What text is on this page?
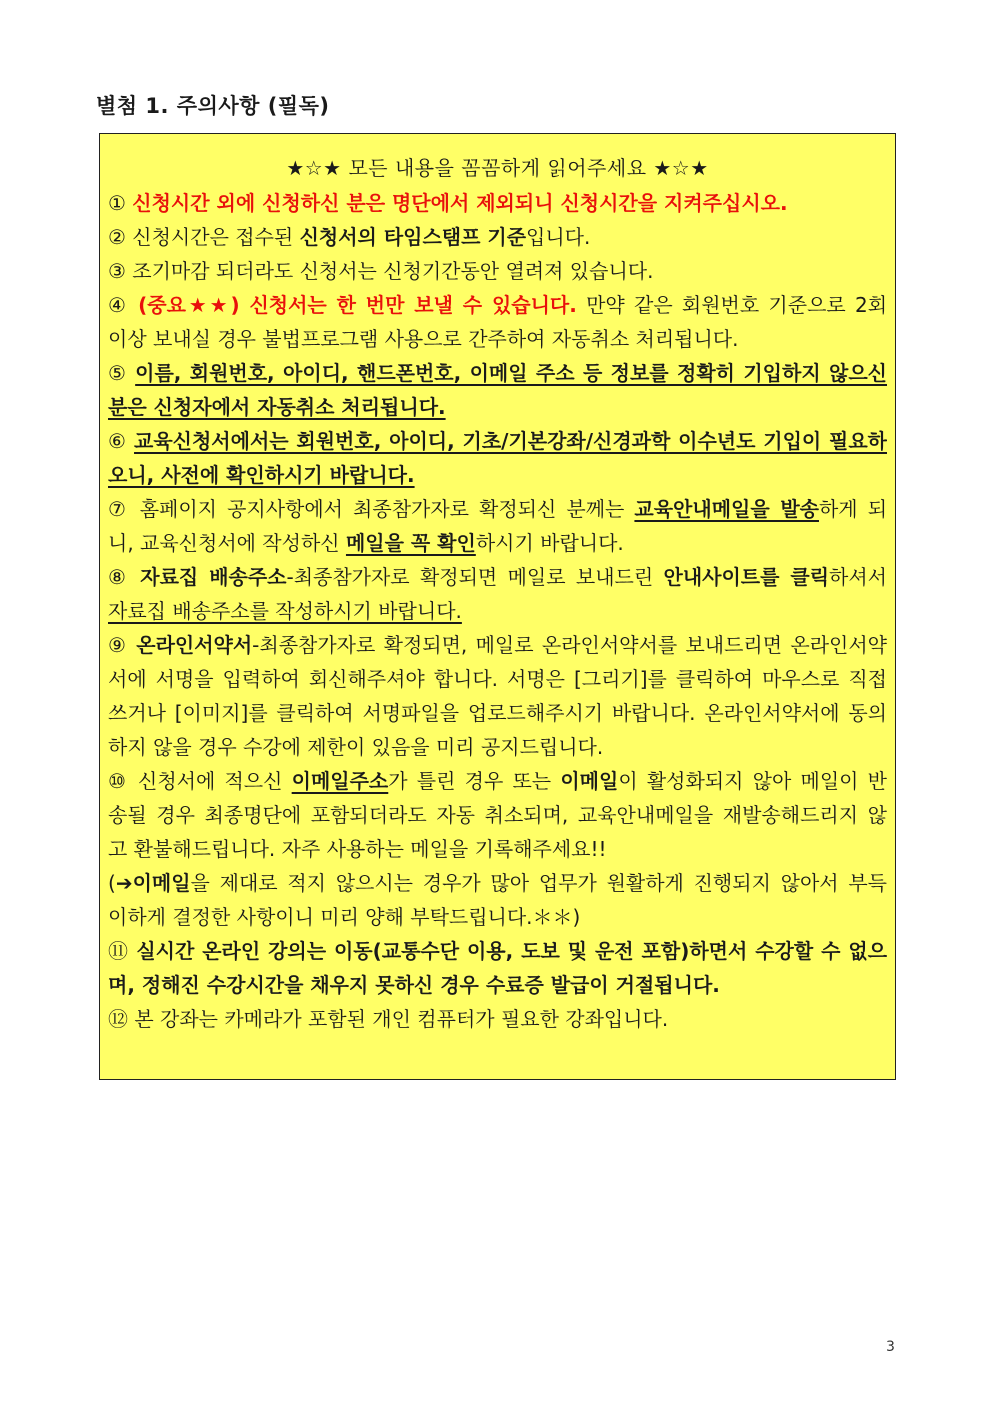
별첨 1. 주의사항 (필독)
★☆★ 모든 내용을 꼼꼼하게 읽어주세요 ★☆★

① 신청시간 외에 신청하신 분은 명단에서 제외되니 신청시간을 지켜주십시오.

② 신청시간은 접수된 신청서의 타임스탬프 기준입니다.

③ 조기마감 되더라도 신청서는 신청기간동안 열려져 있습니다.

④ (중요★★) 신청서는 한 번만 보낼 수 있습니다. 만약 같은 회원번호 기준으로 2회
이상 보내실 경우 불법프로그램 사용으로 간주하여 자동취소 처리됩니다.

⑤ 이름, 회원번호, 아이디, 핸드폰번호, 이메일 주소 등 정보를 정확히 기입하지 않으신
분은 신청자에서 자동취소 처리됩니다.

⑥ 교육신청서에서는 회원번호, 아이디, 기초/기본강좌/신경과학 이수년도 기입이 필요하
오니, 사전에 확인하시기 바랍니다.

⑦ 홈페이지 공지사항에서 최종참가자로 확정되신 분께는 교육안내메일을 발송하게 되
니, 교육신청서에 작성하신 메일을 꼭 확인하시기 바랍니다.

⑧ 자료집 배송주소-최종참가자로 확정되면 메일로 보내드린 안내사이트를 클릭하셔서
자료집 배송주소를 작성하시기 바랍니다.

⑨ 온라인서약서-최종참가자로 확정되면, 메일로 온라인서약서를 보내드리면 온라인서약
서에 서명을 입력하여 회신해주셔야 합니다. 서명은 [그리기]를 클릭하여 마우스로 직접
쓰거나 [이미지]를 클릭하여 서명파일을 업로드해주시기 바랍니다. 온라인서약서에 동의
하지 않을 경우 수강에 제한이 있음을 미리 공지드립니다.

⑩ 신청서에 적으신 이메일주소가 틀린 경우 또는 이메일이 활성화되지 않아 메일이 반
송될 경우 최종명단에 포함되더라도 자동 취소되며, 교육안내메일을 재발송해드리지 않
고 환불해드립니다. 자주 사용하는 메일을 기록해주세요!!

(➔이메일을 제대로 적지 않으시는 경우가 많아 업무가 원활하게 진행되지 않아서 부득
이하게 결정한 사항이니 미리 양해 부탁드립니다.＊＊)

⑪ 실시간 온라인 강의는 이동(교통수단 이용, 도보 및 운전 포함)하면서 수강할 수 없으
며, 정해진 수강시간을 채우지 못하신 경우 수료증 발급이 거절됩니다.

⑫ 본 강좌는 카메라가 포함된 개인 컴퓨터가 필요한 강좌입니다.

3
